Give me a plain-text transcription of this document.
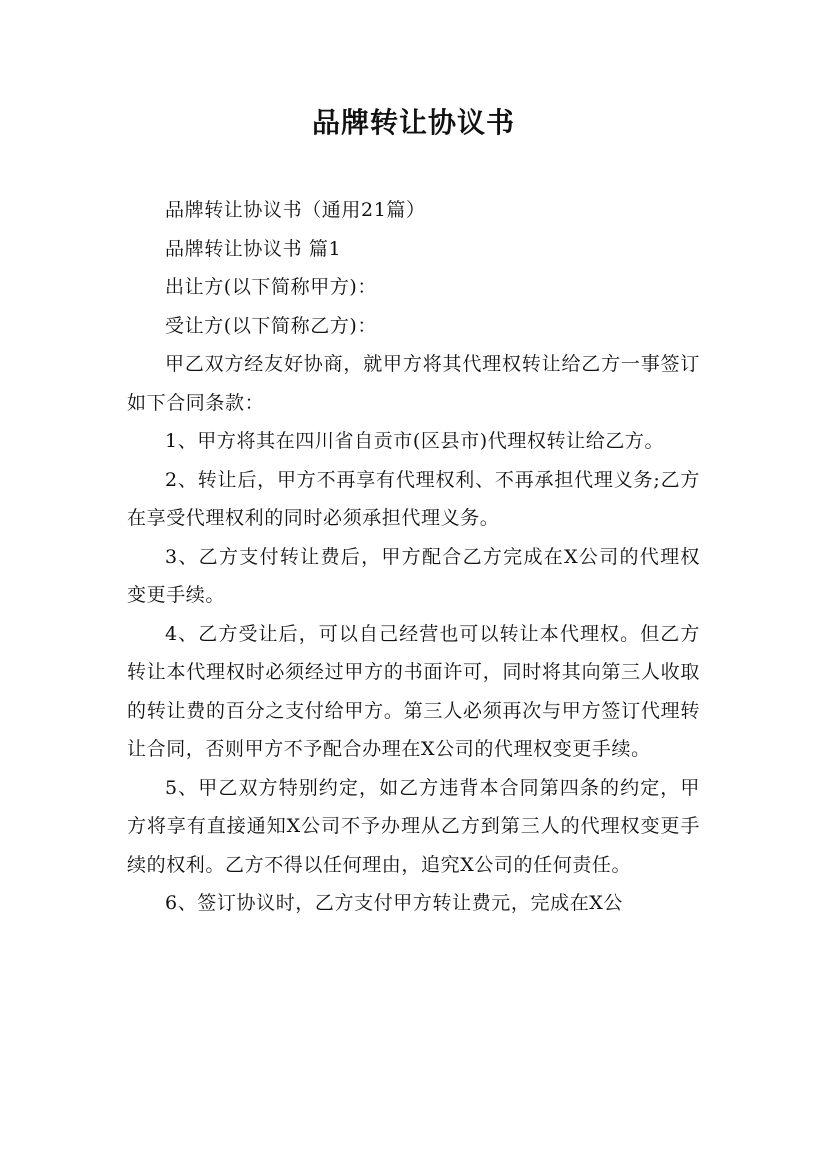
品牌转让协议书

品牌转让协议书（通用21篇）

品牌转让协议书 篇1

出让方(以下简称甲方)：

受让方(以下简称乙方)：

甲乙双方经友好协商，就甲方将其代理权转让给乙方一事签订如下合同条款：

1、甲方将其在四川省自贡市(区县市)代理权转让给乙方。

2、转让后，甲方不再享有代理权利、不再承担代理义务;乙方在享受代理权利的同时必须承担代理义务。

3、乙方支付转让费后，甲方配合乙方完成在X公司的代理权变更手续。

4、乙方受让后，可以自己经营也可以转让本代理权。但乙方转让本代理权时必须经过甲方的书面许可，同时将其向第三人收取的转让费的百分之支付给甲方。第三人必须再次与甲方签订代理转让合同，否则甲方不予配合办理在X公司的代理权变更手续。

5、甲乙双方特别约定，如乙方违背本合同第四条的约定，甲方将享有直接通知X公司不予办理从乙方到第三人的代理权变更手续的权利。乙方不得以任何理由，追究X公司的任何责任。

6、签订协议时，乙方支付甲方转让费元，完成在X公
